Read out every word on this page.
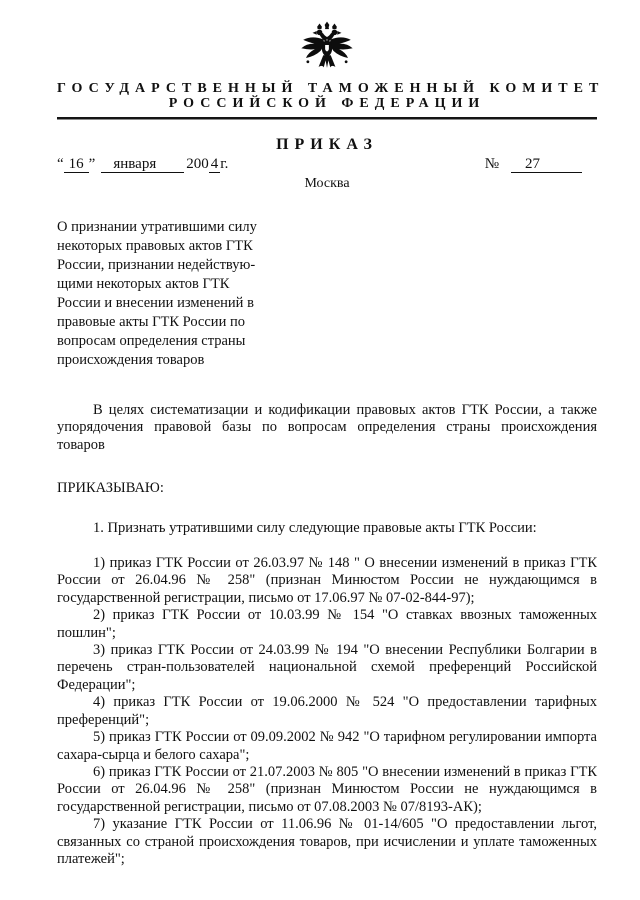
ГОСУДАРСТВЕННЫЙ ТАМОЖЕННЫЙ КОМИТЕТ
РОССИЙСКОЙ ФЕДЕРАЦИИ
ПРИКАЗ
“ 16 ” января 200 4 г.	№ 27
Москва
О признании утратившими силу
некоторых правовых актов ГТК
России, признании недействую-
щими некоторых актов ГТК
России и внесении изменений в
правовые акты ГТК России по
вопросам определения страны
происхождения товаров

В целях систематизации и кодификации правовых актов ГТК России, а также упорядочения правовой базы по вопросам определения страны происхождения товаров

ПРИКАЗЫВАЮ:

1. Признать утратившими силу следующие правовые акты ГТК России:

1) приказ ГТК России от 26.03.97 № 148 " О внесении изменений в приказ ГТК России от 26.04.96 № 258" (признан Минюстом России не нуждающимся в государственной регистрации, письмо от 17.06.97 № 07-02-844-97);

2) приказ ГТК России от 10.03.99 № 154 "О ставках ввозных таможенных пошлин";

3) приказ ГТК России от 24.03.99 № 194 "О внесении Республики Болгарии в перечень стран-пользователей национальной схемой преференций Российской Федерации";

4) приказ ГТК России от 19.06.2000 № 524 "О предоставлении тарифных преференций";

5) приказ ГТК России от 09.09.2002 № 942 "О тарифном регулировании импорта сахара-сырца и белого сахара";

6) приказ ГТК России от 21.07.2003 № 805 "О внесении изменений в приказ ГТК России от 26.04.96 № 258" (признан Минюстом России не нуждающимся в государственной регистрации, письмо от 07.08.2003 № 07/8193-АК);

7) указание ГТК России от 11.06.96 № 01-14/605 "О предоставлении льгот, связанных со страной происхождения товаров, при исчислении и уплате таможенных платежей";
